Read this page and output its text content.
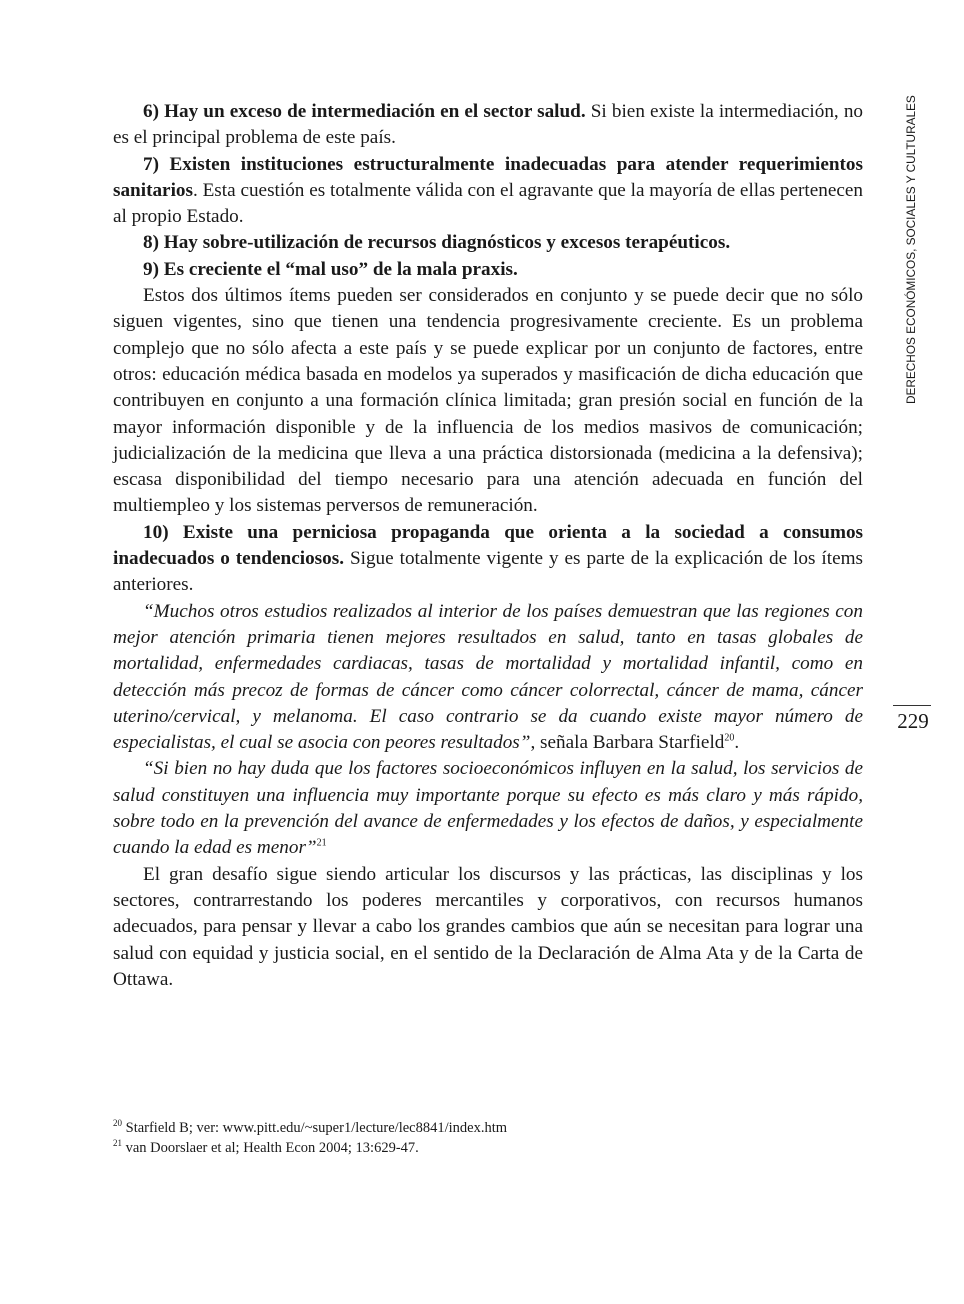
DERECHOS ECONÓMICOS, SOCIALES Y CULTURALES
229

6) Hay un exceso de intermediación en el sector salud. Si bien existe la intermediación, no es el principal problema de este país.

7) Existen instituciones estructuralmente inadecuadas para atender requerimientos sanitarios. Esta cuestión es totalmente válida con el agravante que la mayoría de ellas pertenecen al propio Estado.

8) Hay sobre-utilización de recursos diagnósticos y excesos terapéuticos.

9) Es creciente el “mal uso” de la mala praxis.

Estos dos últimos ítems pueden ser considerados en conjunto y se puede decir que no sólo siguen vigentes, sino que tienen una tendencia progresivamente creciente. Es un problema complejo que no sólo afecta a este país y se puede explicar por un conjunto de factores, entre otros: educación médica basada en modelos ya superados y masificación de dicha educación que contribuyen en conjunto a una formación clínica limitada; gran presión social en función de la mayor información disponible y de la influencia de los medios masivos de comunicación; judicialización de la medicina que lleva a una práctica distorsionada (medicina a la defensiva); escasa disponibilidad del tiempo necesario para una atención adecuada en función del multiempleo y los sistemas perversos de remuneración.

10) Existe una perniciosa propaganda que orienta a la sociedad a consumos inadecuados o tendenciosos. Sigue totalmente vigente y es parte de la explicación de los ítems anteriores.

“Muchos otros estudios realizados al interior de los países demuestran que las regiones con mejor atención primaria tienen mejores resultados en salud, tanto en tasas globales de mortalidad, enfermedades cardiacas, tasas de mortalidad y mortalidad infantil, como en detección más precoz de formas de cáncer como cáncer colorrectal, cáncer de mama, cáncer uterino/cervical, y melanoma. El caso contrario se da cuando existe mayor número de especialistas, el cual se asocia con peores resultados”, señala Barbara Starfield$^{20}$.

“Si bien no hay duda que los factores socioeconómicos influyen en la salud, los servicios de salud constituyen una influencia muy importante porque su efecto es más claro y más rápido, sobre todo en la prevención del avance de enfermedades y los efectos de daños, y especialmente cuando la edad es menor”$^{21}$

El gran desafío sigue siendo articular los discursos y las prácticas, las disciplinas y los sectores, contrarrestando los poderes mercantiles y corporativos, con recursos humanos adecuados, para pensar y llevar a cabo los grandes cambios que aún se necesitan para lograr una salud con equidad y justicia social, en el sentido de la Declaración de Alma Ata y de la Carta de Ottawa.

$^{20}$ Starfield B; ver: www.pitt.edu/~super1/lecture/lec8841/index.htm

$^{21}$ van Doorslaer et al; Health Econ 2004; 13:629-47.
